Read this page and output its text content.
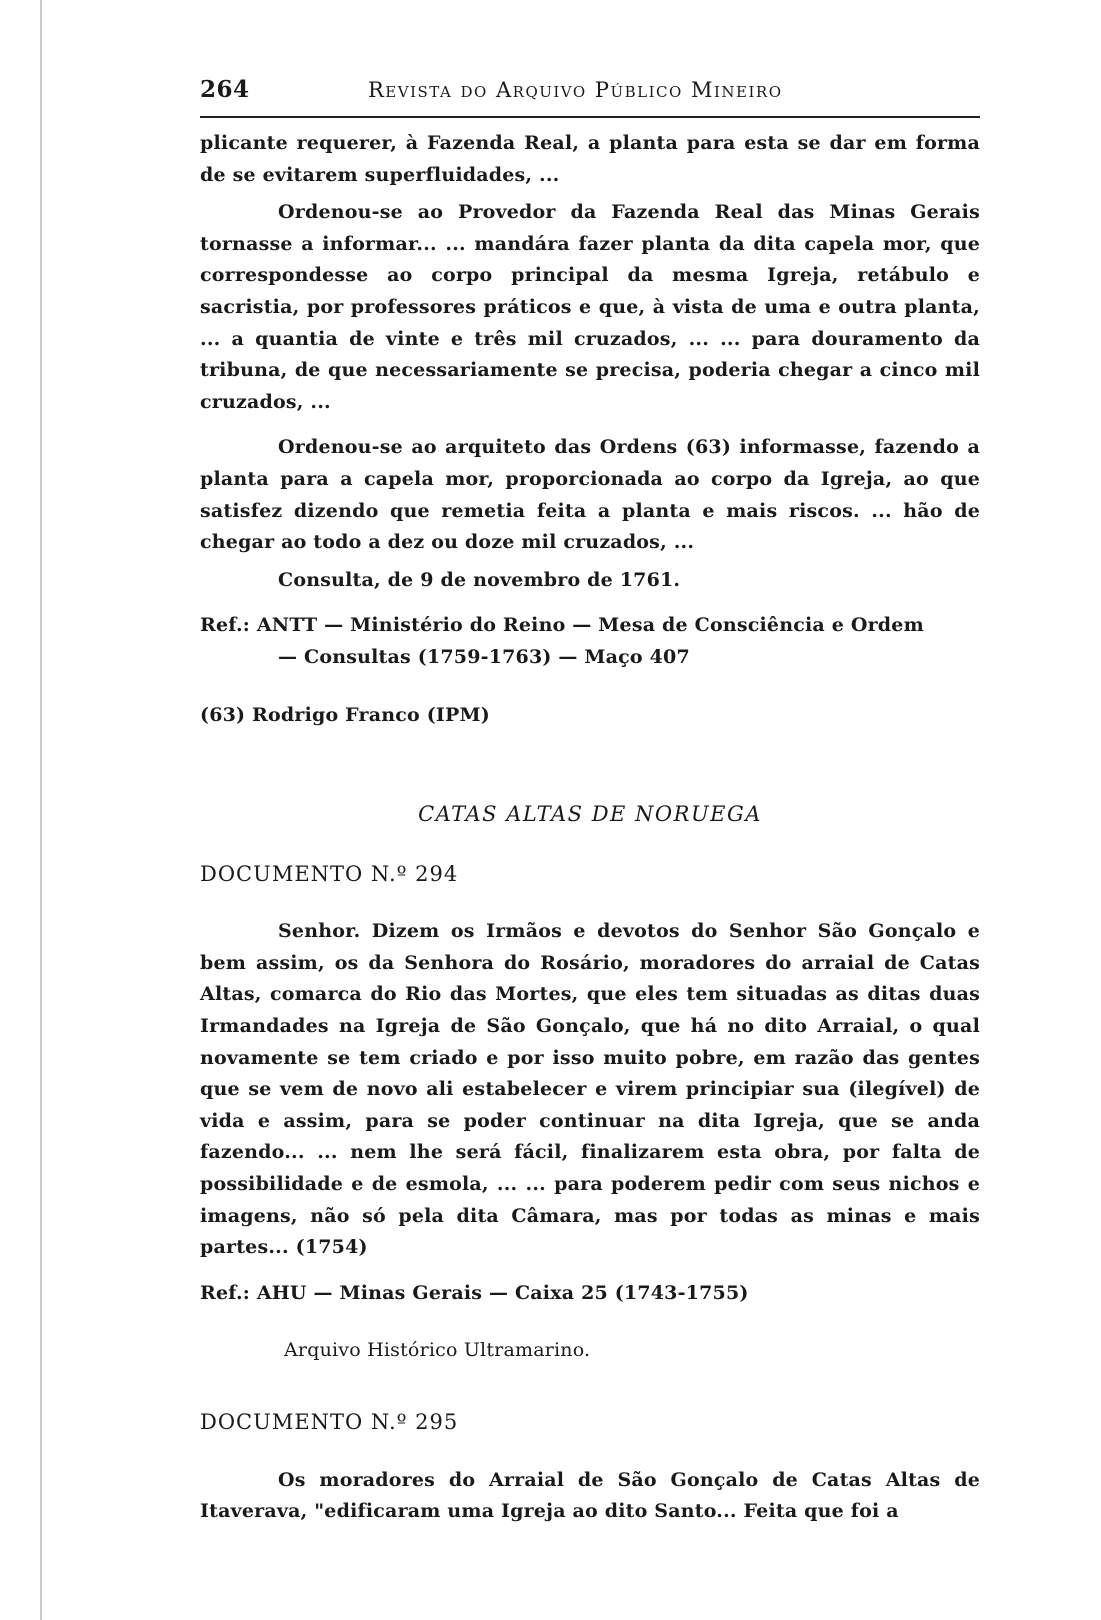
264	Revista do Arquivo Público Mineiro

plicante requerer, à Fazenda Real, a planta para esta se dar em forma de se evitarem superfluidades, ...

Ordenou-se ao Provedor da Fazenda Real das Minas Gerais tornasse a informar... ... mandára fazer planta da dita capela mor, que correspondesse ao corpo principal da mesma Igreja, retábulo e sacristia, por professores práticos e que, à vista de uma e outra planta, ... a quantia de vinte e três mil cruzados, ... ... para douramento da tribuna, de que necessariamente se precisa, poderia chegar a cinco mil cruzados, ...

Ordenou-se ao arquiteto das Ordens (63) informasse, fazendo a planta para a capela mor, proporcionada ao corpo da Igreja, ao que satisfez dizendo que remetia feita a planta e mais riscos. ... hão de chegar ao todo a dez ou doze mil cruzados, ...

Consulta, de 9 de novembro de 1761.

Ref.: ANTT — Ministério do Reino — Mesa de Consciência e Ordem

— Consultas (1759-1763) — Maço 407

(63) Rodrigo Franco (IPM)

CATAS ALTAS DE NORUEGA

DOCUMENTO N.º 294

Senhor. Dizem os Irmãos e devotos do Senhor São Gonçalo e bem assim, os da Senhora do Rosário, moradores do arraial de Catas Altas, comarca do Rio das Mortes, que eles tem situadas as ditas duas Irmandades na Igreja de São Gonçalo, que há no dito Arraial, o qual novamente se tem criado e por isso muito pobre, em razão das gentes que se vem de novo ali estabelecer e virem principiar sua (ilegível) de vida e assim, para se poder continuar na dita Igreja, que se anda fazendo... ... nem lhe será fácil, finalizarem esta obra, por falta de possibilidade e de esmola, ... ... para poderem pedir com seus nichos e imagens, não só pela dita Câmara, mas por todas as minas e mais partes... (1754)

Ref.: AHU — Minas Gerais — Caixa 25 (1743-1755)

Arquivo Histórico Ultramarino.

DOCUMENTO N.º 295

Os moradores do Arraial de São Gonçalo de Catas Altas de Itaverava, "edificaram uma Igreja ao dito Santo... Feita que foi a
